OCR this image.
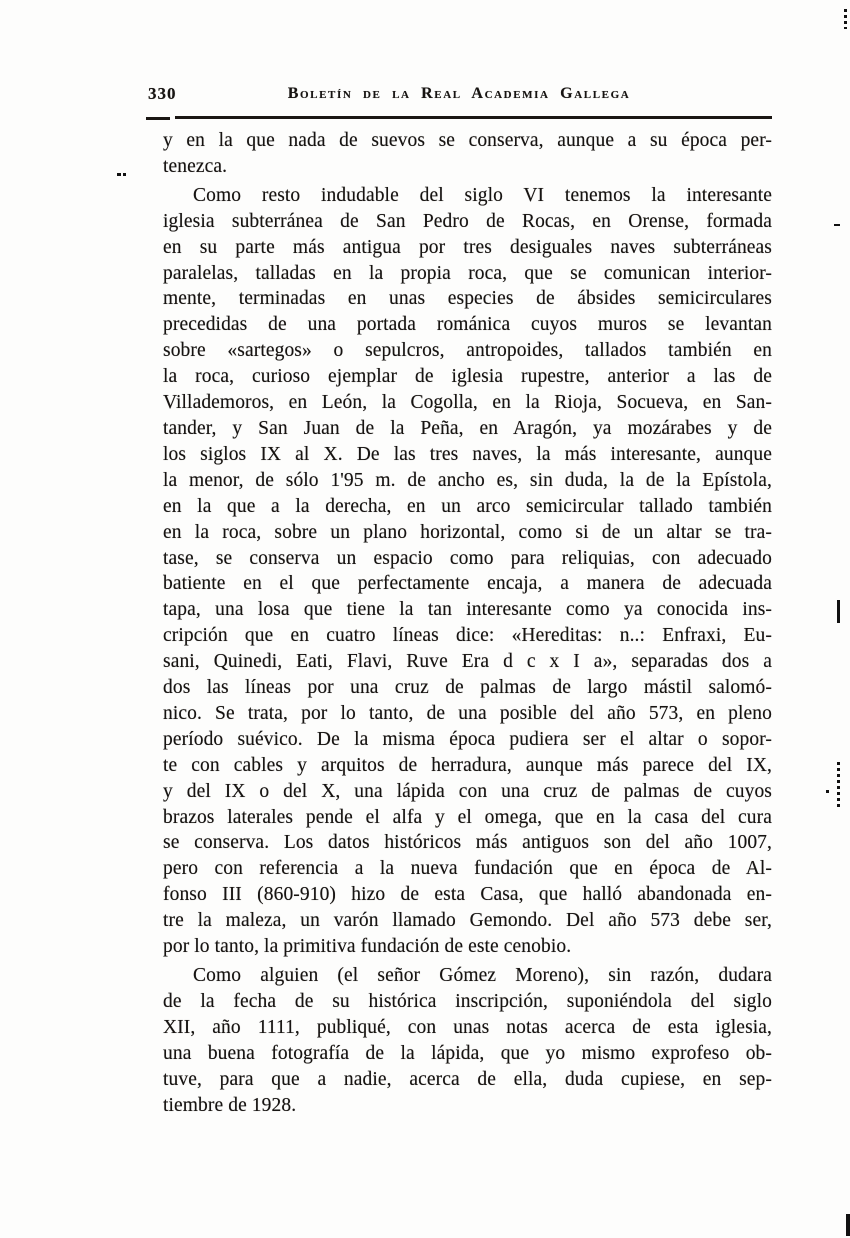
330	Boletín de la Real Academia Gallega
y en la que nada de suevos se conserva, aunque a su época per-
tenezca.
Como resto indudable del siglo VI tenemos la interesante
iglesia subterránea de San Pedro de Rocas, en Orense, formada
en su parte más antigua por tres desiguales naves subterráneas
paralelas, talladas en la propia roca, que se comunican interior-
mente, terminadas en unas especies de ábsides semicirculares
precedidas de una portada románica cuyos muros se levantan
sobre «sartegos» o sepulcros, antropoides, tallados también en
la roca, curioso ejemplar de iglesia rupestre, anterior a las de
Villademoros, en León, la Cogolla, en la Rioja, Socueva, en San-
tander, y San Juan de la Peña, en Aragón, ya mozárabes y de
los siglos IX al X. De las tres naves, la más interesante, aunque
la menor, de sólo 1'95 m. de ancho es, sin duda, la de la Epístola,
en la que a la derecha, en un arco semicircular tallado también
en la roca, sobre un plano horizontal, como si de un altar se tra-
tase, se conserva un espacio como para reliquias, con adecuado
batiente en el que perfectamente encaja, a manera de adecuada
tapa, una losa que tiene la tan interesante como ya conocida ins-
cripción que en cuatro líneas dice: «Hereditas: n..: Enfraxi, Eu-
sani, Quinedi, Eati, Flavi, Ruve Era d c x I a», separadas dos a
dos las líneas por una cruz de palmas de largo mástil salomó-
nico. Se trata, por lo tanto, de una posible del año 573, en pleno
período suévico. De la misma época pudiera ser el altar o sopor-
te con cables y arquitos de herradura, aunque más parece del IX,
y del IX o del X, una lápida con una cruz de palmas de cuyos
brazos laterales pende el alfa y el omega, que en la casa del cura
se conserva. Los datos históricos más antiguos son del año 1007,
pero con referencia a la nueva fundación que en época de Al-
fonso III (860-910) hizo de esta Casa, que halló abandonada en-
tre la maleza, un varón llamado Gemondo. Del año 573 debe ser,
por lo tanto, la primitiva fundación de este cenobio.
Como alguien (el señor Gómez Moreno), sin razón, dudara
de la fecha de su histórica inscripción, suponiéndola del siglo
XII, año 1111, publiqué, con unas notas acerca de esta iglesia,
una buena fotografía de la lápida, que yo mismo exprofeso ob-
tuve, para que a nadie, acerca de ella, duda cupiese, en sep-
tiembre de 1928.
